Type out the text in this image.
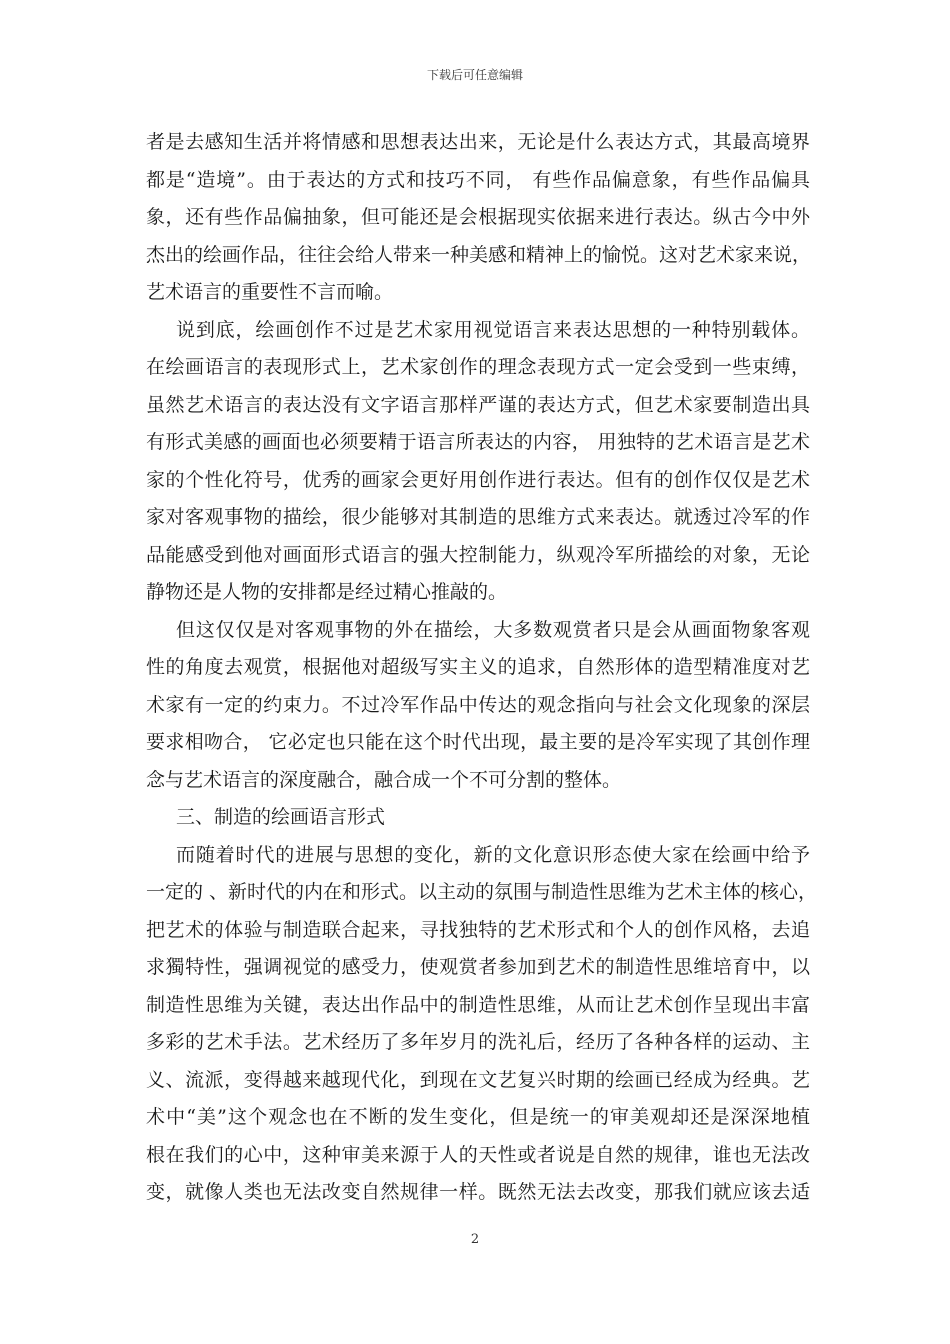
下载后可任意编辑
者是去感知生活并将情感和思想表达出来，无论是什么表达方式，其最高境界
都是“造境”。由于表达的方式和技巧不同， 有些作品偏意象，有些作品偏具
象，还有些作品偏抽象，但可能还是会根据现实依据来进行表达。纵古今中外
杰出的绘画作品，往往会给人带来一种美感和精神上的愉悦。这对艺术家来说，
艺术语言的重要性不言而喻。
说到底，绘画创作不过是艺术家用视觉语言来表达思想的一种特别载体。
在绘画语言的表现形式上，艺术家创作的理念表现方式一定会受到一些束缚，
虽然艺术语言的表达没有文字语言那样严谨的表达方式，但艺术家要制造出具
有形式美感的画面也必须要精于语言所表达的内容， 用独特的艺术语言是艺术
家的个性化符号，优秀的画家会更好用创作进行表达。但有的创作仅仅是艺术
家对客观事物的描绘，很少能够对其制造的思维方式来表达。就透过冷军的作
品能感受到他对画面形式语言的强大控制能力，纵观冷军所描绘的对象，无论
静物还是人物的安排都是经过精心推敲的。
但这仅仅是对客观事物的外在描绘，大多数观赏者只是会从画面物象客观
性的角度去观赏，根据他对超级写实主义的追求，自然形体的造型精准度对艺
术家有一定的约束力。不过冷军作品中传达的观念指向与社会文化现象的深层
要求相吻合， 它必定也只能在这个时代出现，最主要的是冷军实现了其创作理
念与艺术语言的深度融合，融合成一个不可分割的整体。
三、制造的绘画语言形式
而随着时代的进展与思想的变化，新的文化意识形态使大家在绘画中给予
一定的 、新时代的内在和形式。以主动的氛围与制造性思维为艺术主体的核心，
把艺术的体验与制造联合起来，寻找独特的艺术形式和个人的创作风格，去追
求獨特性，强调视觉的感受力，使观赏者参加到艺术的制造性思维培育中，以
制造性思维为关键，表达出作品中的制造性思维，从而让艺术创作呈现出丰富
多彩的艺术手法。艺术经历了多年岁月的洗礼后，经历了各种各样的运动、主
义、流派，变得越来越现代化，到现在文艺复兴时期的绘画已经成为经典。艺
术中“美”这个观念也在不断的发生变化，但是统一的审美观却还是深深地植
根在我们的心中，这种审美来源于人的天性或者说是自然的规律，谁也无法改
变，就像人类也无法改变自然规律一样。既然无法去改变，那我们就应该去适
2
